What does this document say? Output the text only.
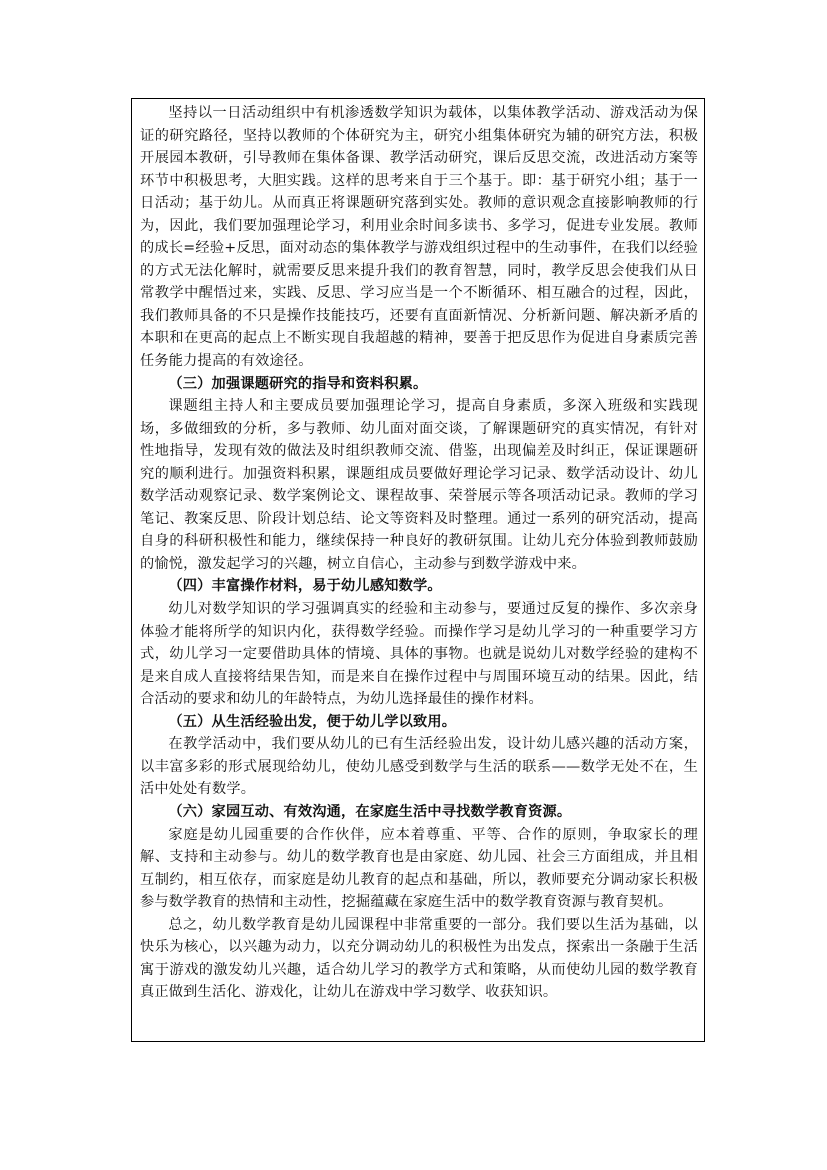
坚持以一日活动组织中有机渗透数学知识为载体，以集体教学活动、游戏活动为保证的研究路径，坚持以教师的个体研究为主，研究小组集体研究为辅的研究方法，积极开展园本教研，引导教师在集体备课、教学活动研究，课后反思交流，改进活动方案等环节中积极思考，大胆实践。这样的思考来自于三个基于。即：基于研究小组；基于一日活动；基于幼儿。从而真正将课题研究落到实处。教师的意识观念直接影响教师的行为，因此，我们要加强理论学习，利用业余时间多读书、多学习，促进专业发展。教师的成长=经验+反思，面对动态的集体教学与游戏组织过程中的生动事件，在我们以经验的方式无法化解时，就需要反思来提升我们的教育智慧，同时，教学反思会使我们从日常教学中醒悟过来，实践、反思、学习应当是一个不断循环、相互融合的过程，因此，我们教师具备的不只是操作技能技巧，还要有直面新情况、分析新问题、解决新矛盾的本职和在更高的起点上不断实现自我超越的精神，要善于把反思作为促进自身素质完善任务能力提高的有效途径。

（三）加强课题研究的指导和资料积累。

课题组主持人和主要成员要加强理论学习，提高自身素质，多深入班级和实践现场，多做细致的分析，多与教师、幼儿面对面交谈，了解课题研究的真实情况，有针对性地指导，发现有效的做法及时组织教师交流、借鉴，出现偏差及时纠正，保证课题研究的顺利进行。加强资料积累，课题组成员要做好理论学习记录、数学活动设计、幼儿数学活动观察记录、数学案例论文、课程故事、荣誉展示等各项活动记录。教师的学习笔记、教案反思、阶段计划总结、论文等资料及时整理。通过一系列的研究活动，提高自身的科研积极性和能力，继续保持一种良好的教研氛围。让幼儿充分体验到教师鼓励的愉悦，激发起学习的兴趣，树立自信心，主动参与到数学游戏中来。

（四）丰富操作材料，易于幼儿感知数学。

幼儿对数学知识的学习强调真实的经验和主动参与，要通过反复的操作、多次亲身体验才能将所学的知识内化，获得数学经验。而操作学习是幼儿学习的一种重要学习方式，幼儿学习一定要借助具体的情境、具体的事物。也就是说幼儿对数学经验的建构不是来自成人直接将结果告知，而是来自在操作过程中与周围环境互动的结果。因此，结合活动的要求和幼儿的年龄特点，为幼儿选择最佳的操作材料。

（五）从生活经验出发，便于幼儿学以致用。

在教学活动中，我们要从幼儿的已有生活经验出发，设计幼儿感兴趣的活动方案，以丰富多彩的形式展现给幼儿，使幼儿感受到数学与生活的联系——数学无处不在，生活中处处有数学。

（六）家园互动、有效沟通，在家庭生活中寻找数学教育资源。

家庭是幼儿园重要的合作伙伴，应本着尊重、平等、合作的原则，争取家长的理解、支持和主动参与。幼儿的数学教育也是由家庭、幼儿园、社会三方面组成，并且相互制约，相互依存，而家庭是幼儿教育的起点和基础，所以，教师要充分调动家长积极参与数学教育的热情和主动性，挖掘蕴藏在家庭生活中的数学教育资源与教育契机。

总之，幼儿数学教育是幼儿园课程中非常重要的一部分。我们要以生活为基础，以快乐为核心，以兴趣为动力，以充分调动幼儿的积极性为出发点，探索出一条融于生活寓于游戏的激发幼儿兴趣，适合幼儿学习的教学方式和策略，从而使幼儿园的数学教育真正做到生活化、游戏化，让幼儿在游戏中学习数学、收获知识。
